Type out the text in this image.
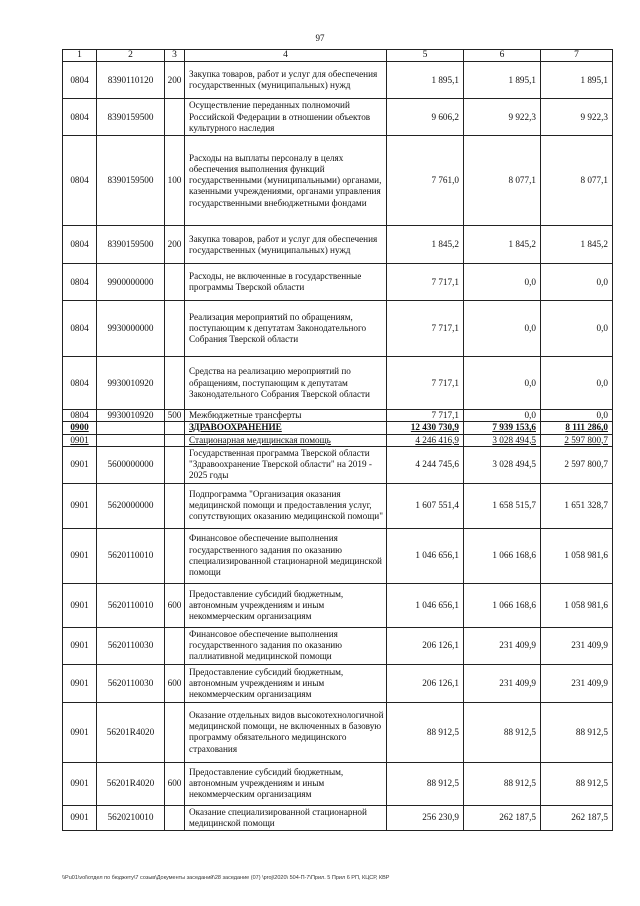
97
1	2	3	4	5	6	7
0804	8390110120	200	Закупка товаров, работ и услуг для обеспечения государственных (муниципальных) нужд	1 895,1	1 895,1	1 895,1
0804	8390159500		Осуществление переданных полномочий Российской Федерации в отношении объектов культурного наследия	9 606,2	9 922,3	9 922,3
0804	8390159500	100	Расходы на выплаты персоналу в целях обеспечения выполнения функций государственными (муниципальными) органами, казенными учреждениями, органами управления государственными внебюджетными фондами	7 761,0	8 077,1	8 077,1
0804	8390159500	200	Закупка товаров, работ и услуг для обеспечения государственных (муниципальных) нужд	1 845,2	1 845,2	1 845,2
0804	9900000000		Расходы, не включенные в государственные программы Тверской области	7 717,1	0,0	0,0
0804	9930000000		Реализация мероприятий по обращениям, поступающим к депутатам Законодательного Собрания Тверской области	7 717,1	0,0	0,0
0804	9930010920		Средства на реализацию мероприятий по обращениям, поступающим к депутатам Законодательного Собрания Тверской области	7 717,1	0,0	0,0
0804	9930010920	500	Межбюджетные трансферты	7 717,1	0,0	0,0
0900			ЗДРАВООХРАНЕНИЕ	12 430 730,9	7 939 153,6	8 111 286,0
0901			Стационарная медицинская помощь	4 246 416,9	3 028 494,5	2 597 800,7
0901	5600000000		Государственная программа Тверской области "Здравоохранение Тверской области" на 2019 - 2025 годы	4 244 745,6	3 028 494,5	2 597 800,7
0901	5620000000		Подпрограмма "Организация оказания медицинской помощи и предоставления услуг, сопутствующих оказанию медицинской помощи"	1 607 551,4	1 658 515,7	1 651 328,7
0901	5620110010		Финансовое обеспечение выполнения государственного задания по оказанию специализированной стационарной медицинской помощи	1 046 656,1	1 066 168,6	1 058 981,6
0901	5620110010	600	Предоставление субсидий бюджетным, автономным учреждениям и иным некоммерческим организациям	1 046 656,1	1 066 168,6	1 058 981,6
0901	5620110030		Финансовое обеспечение выполнения государственного задания по оказанию паллиативной медицинской помощи	206 126,1	231 409,9	231 409,9
0901	5620110030	600	Предоставление субсидий бюджетным, автономным учреждениям и иным некоммерческим организациям	206 126,1	231 409,9	231 409,9
0901	56201R4020		Оказание отдельных видов высокотехнологичной медицинской помощи, не включенных в базовую программу обязательного медицинского страхования	88 912,5	88 912,5	88 912,5
0901	56201R4020	600	Предоставление субсидий бюджетным, автономным учреждениям и иным некоммерческим организациям	88 912,5	88 912,5	88 912,5
0901	5620210010		Оказание специализированной стационарной медицинской помощи	256 230,9	262 187,5	262 187,5
\\Pu01\vol\отдел по бюджету\7 созыв\Документы заседаний\28 заседание (07) \proj\2020\ 504-П-7\Прил. 5 Прил 6 РП, КЦСР, КВР
